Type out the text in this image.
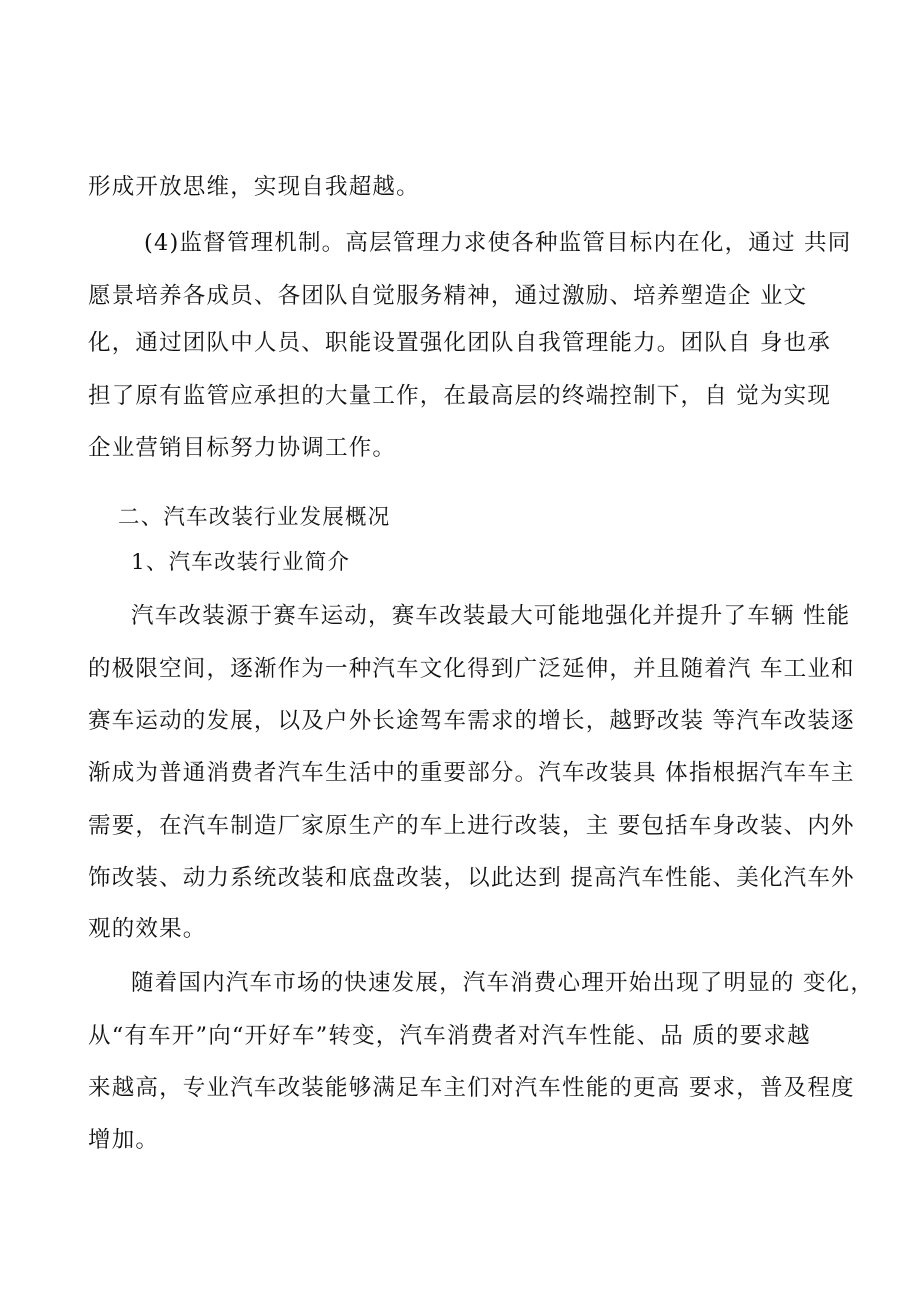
形成开放思维，实现自我超越。
(4)监督管理机制。高层管理力求使各种监管目标内在化，通过 共同
愿景培养各成员、各团队自觉服务精神，通过激励、培养塑造企 业文
化，通过团队中人员、职能设置强化团队自我管理能力。团队自 身也承
担了原有监管应承担的大量工作，在最高层的终端控制下，自 觉为实现
企业营销目标努力协调工作。
二、汽车改装行业发展概况
1、汽车改装行业简介
汽车改装源于赛车运动，赛车改装最大可能地强化并提升了车辆 性能
的极限空间，逐渐作为一种汽车文化得到广泛延伸，并且随着汽 车工业和
赛车运动的发展，以及户外长途驾车需求的增长，越野改装 等汽车改装逐
渐成为普通消费者汽车生活中的重要部分。汽车改装具 体指根据汽车车主
需要，在汽车制造厂家原生产的车上进行改装，主 要包括车身改装、内外
饰改装、动力系统改装和底盘改装，以此达到 提高汽车性能、美化汽车外
观的效果。
随着国内汽车市场的快速发展，汽车消费心理开始出现了明显的 变化，
从“有车开”向“开好车”转变，汽车消费者对汽车性能、品 质的要求越
来越高，专业汽车改装能够满足车主们对汽车性能的更高 要求，普及程度
增加。
